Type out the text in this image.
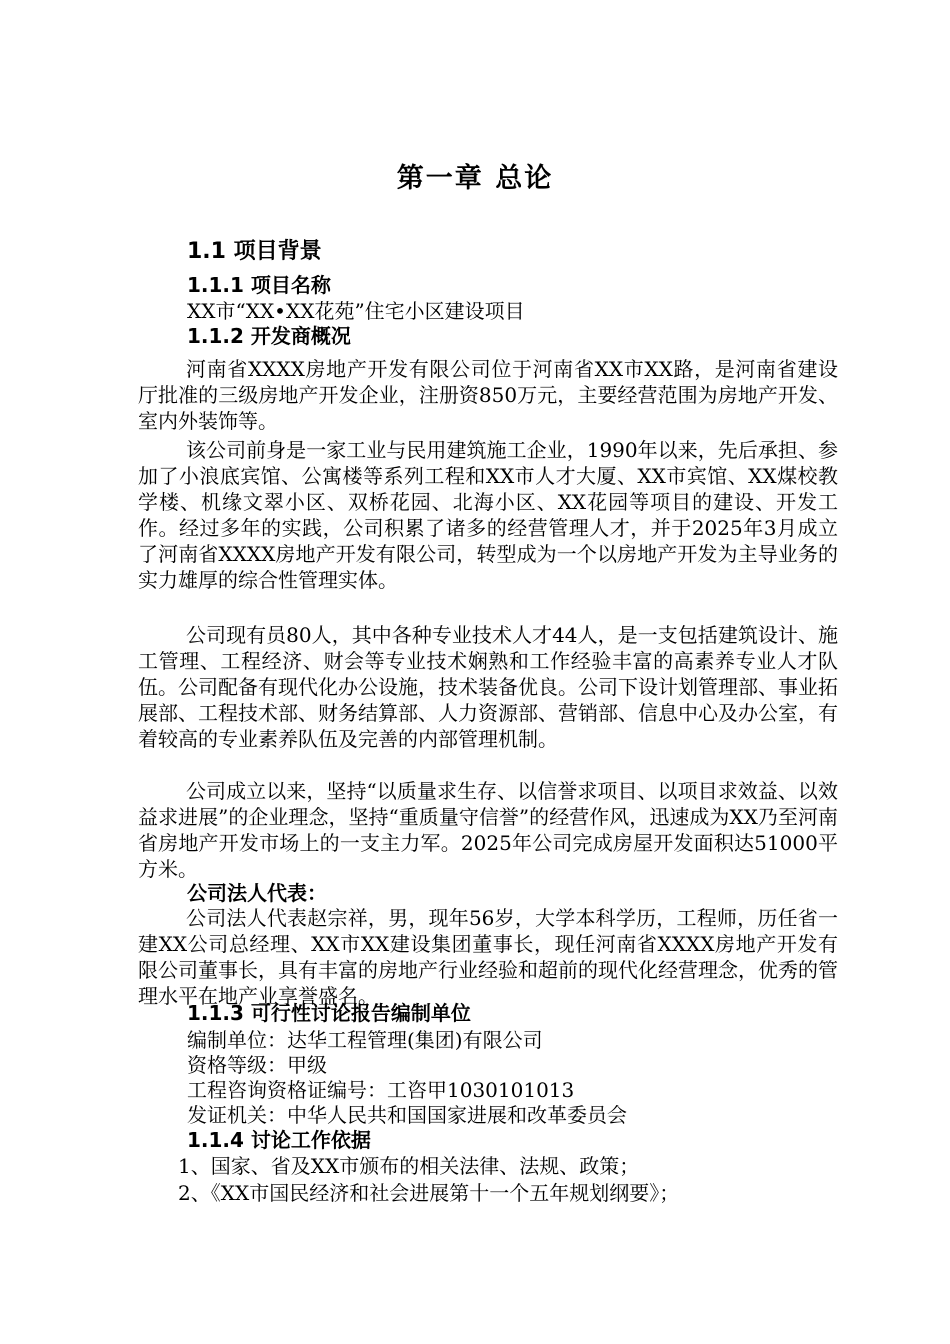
第一章 总论
1.1 项目背景
1.1.1 项目名称
XX市“XX•XX花苑”住宅小区建设项目
1.1.2 开发商概况
河南省XXXX房地产开发有限公司位于河南省XX市XX路，是河南省建设厅批准的三级房地产开发企业，注册资850万元，主要经营范围为房地产开发、室内外装饰等。
该公司前身是一家工业与民用建筑施工企业，1990年以来，先后承担、参加了小浪底宾馆、公寓楼等系列工程和XX市人才大厦、XX市宾馆、XX煤校教学楼、机缘文翠小区、双桥花园、北海小区、XX花园等项目的建设、开发工作。经过多年的实践，公司积累了诸多的经营管理人才，并于2025年3月成立了河南省XXXX房地产开发有限公司，转型成为一个以房地产开发为主导业务的实力雄厚的综合性管理实体。
公司现有员80人，其中各种专业技术人才44人，是一支包括建筑设计、施工管理、工程经济、财会等专业技术娴熟和工作经验丰富的高素养专业人才队伍。公司配备有现代化办公设施，技术装备优良。公司下设计划管理部、事业拓展部、工程技术部、财务结算部、人力资源部、营销部、信息中心及办公室，有着较高的专业素养队伍及完善的内部管理机制。
公司成立以来，坚持“以质量求生存、以信誉求项目、以项目求效益、以效益求进展”的企业理念，坚持“重质量守信誉”的经营作风，迅速成为XX乃至河南省房地产开发市场上的一支主力军。2025年公司完成房屋开发面积达51000平方米。
公司法人代表：
公司法人代表赵宗祥，男，现年56岁，大学本科学历，工程师，历任省一建XX公司总经理、XX市XX建设集团董事长，现任河南省XXXX房地产开发有限公司董事长，具有丰富的房地产行业经验和超前的现代化经营理念，优秀的管理水平在地产业享誉盛名。
1.1.3 可行性讨论报告编制单位
编制单位：达华工程管理(集团)有限公司
资格等级：甲级
工程咨询资格证编号：工咨甲1030101013
发证机关：中华人民共和国国家进展和改革委员会
1.1.4 讨论工作依据
1、国家、省及XX市颁布的相关法律、法规、政策；
2、《XX市国民经济和社会进展第十一个五年规划纲要》；
